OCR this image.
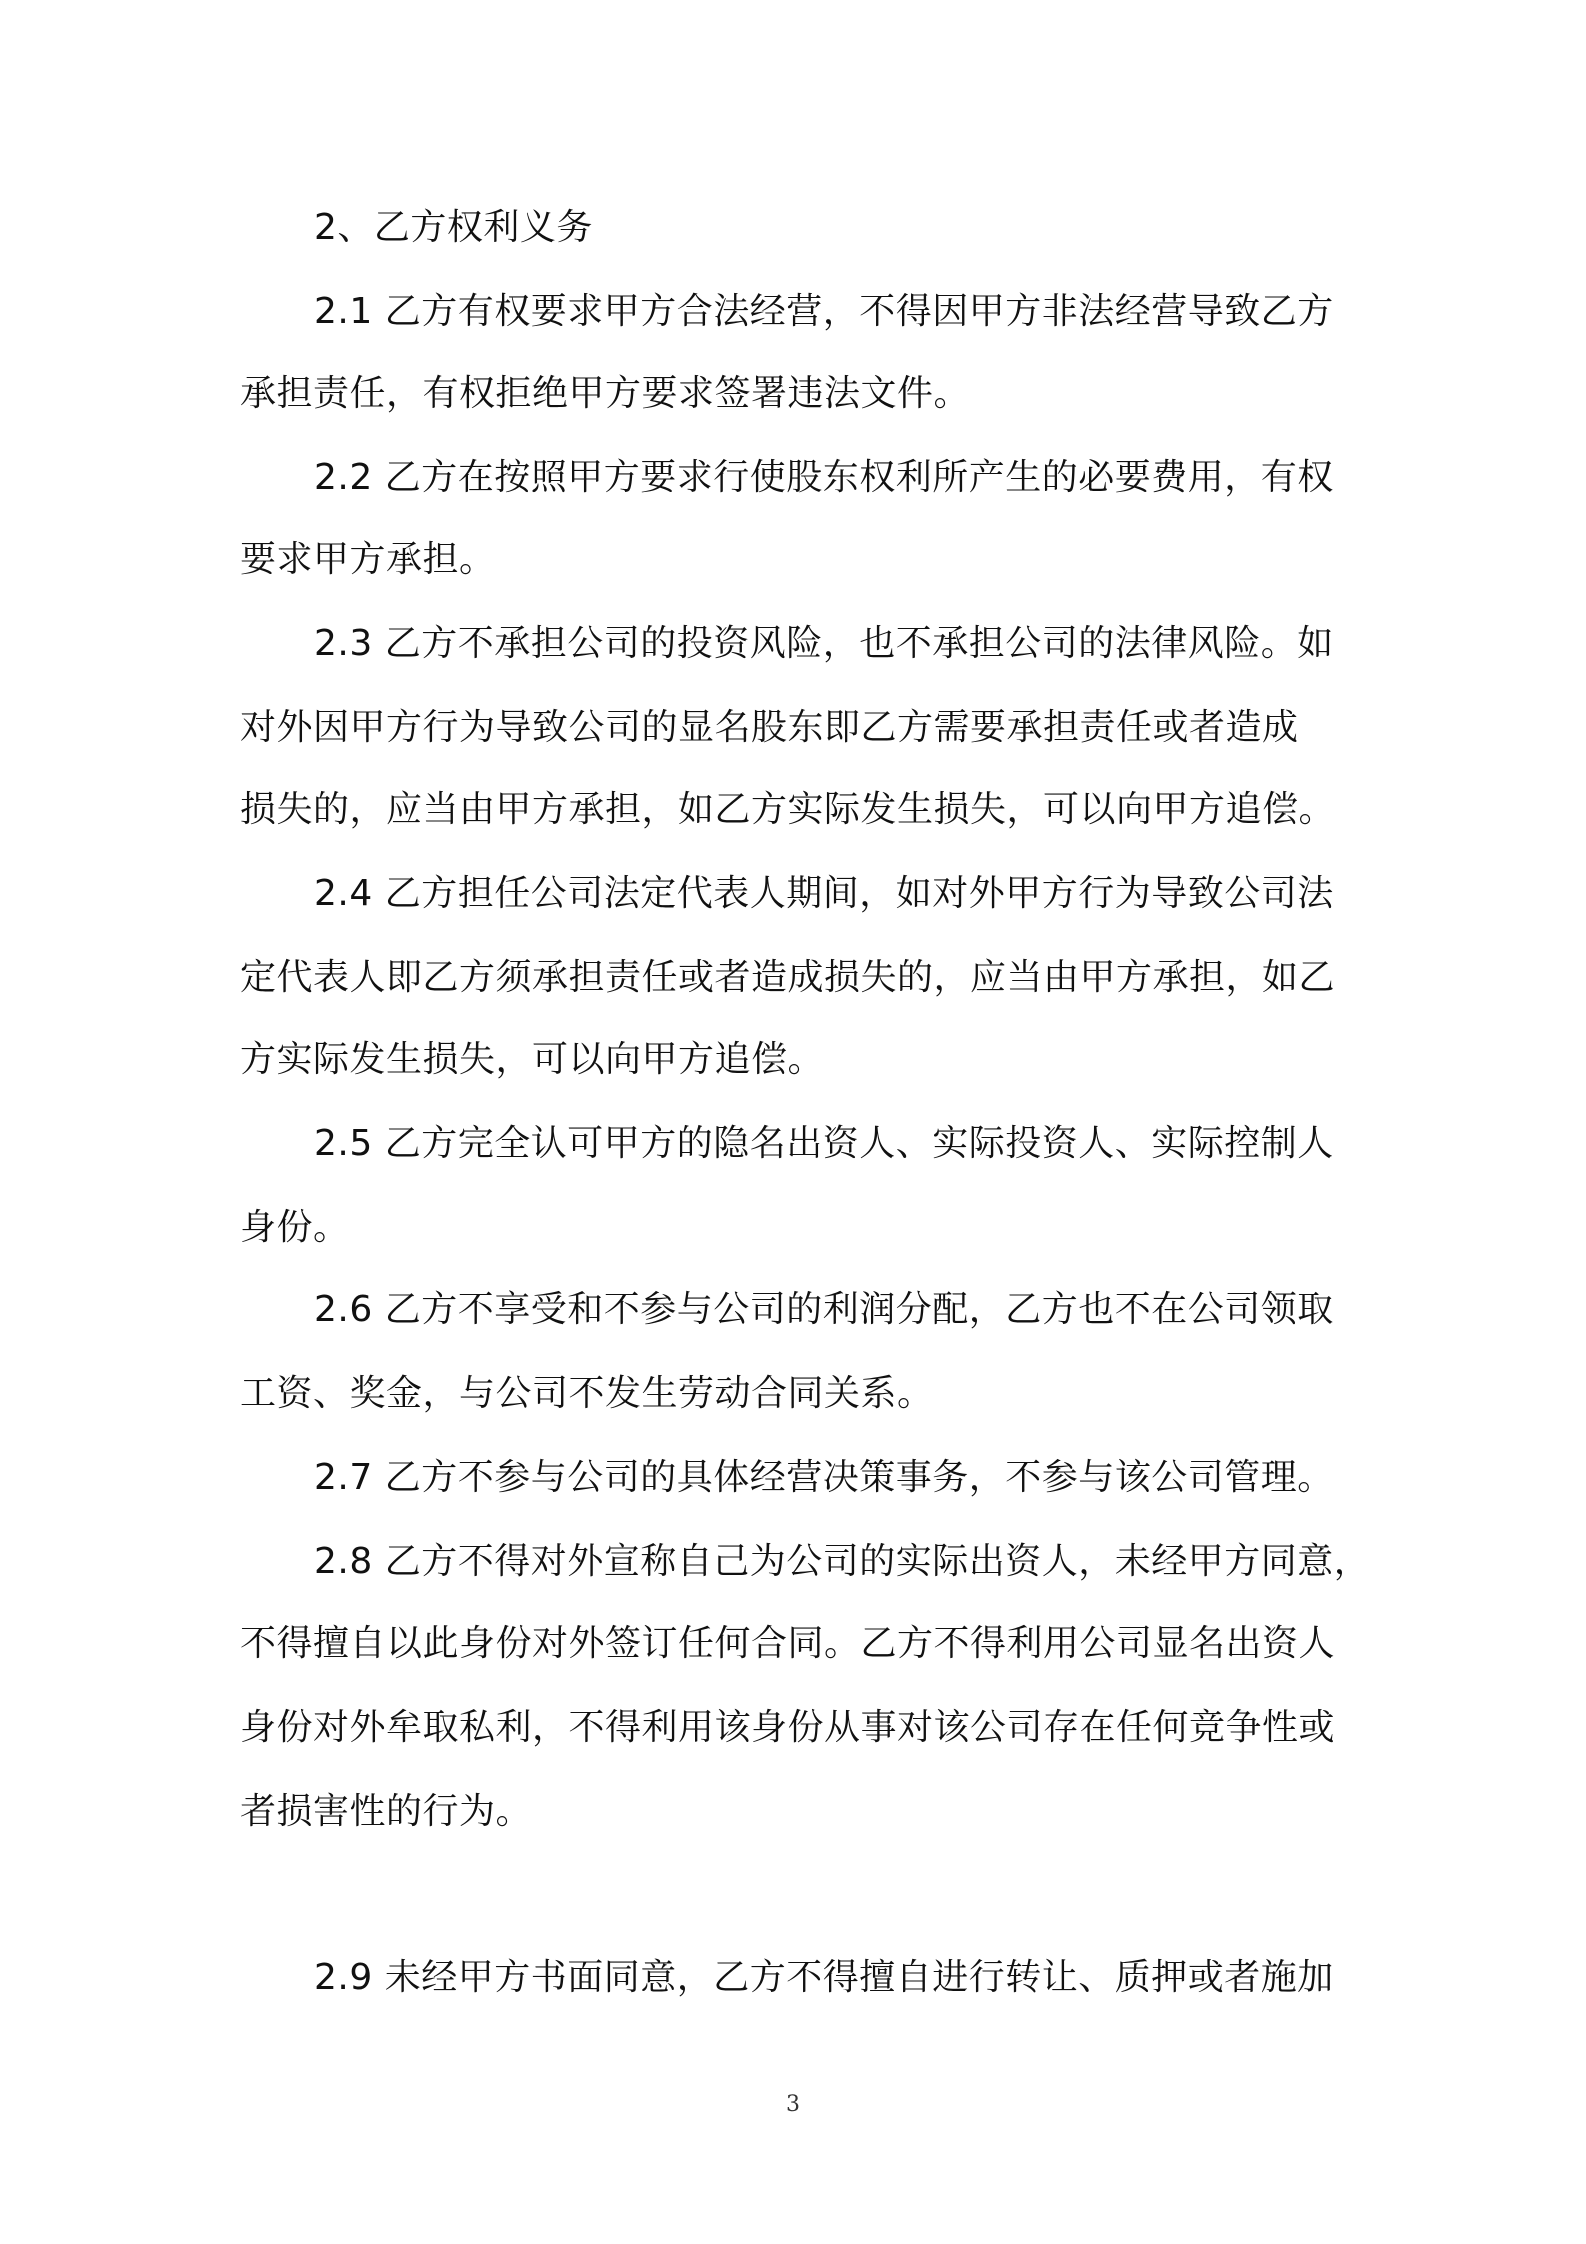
2、乙方权利义务
2.1 乙方有权要求甲方合法经营，不得因甲方非法经营导致乙方
承担责任，有权拒绝甲方要求签署违法文件。
2.2 乙方在按照甲方要求行使股东权利所产生的必要费用，有权
要求甲方承担。
2.3 乙方不承担公司的投资风险，也不承担公司的法律风险。如
对外因甲方行为导致公司的显名股东即乙方需要承担责任或者造成
损失的，应当由甲方承担，如乙方实际发生损失，可以向甲方追偿。
2.4 乙方担任公司法定代表人期间，如对外甲方行为导致公司法
定代表人即乙方须承担责任或者造成损失的，应当由甲方承担，如乙
方实际发生损失，可以向甲方追偿。
2.5 乙方完全认可甲方的隐名出资人、实际投资人、实际控制人
身份。
2.6 乙方不享受和不参与公司的利润分配，乙方也不在公司领取
工资、奖金，与公司不发生劳动合同关系。
2.7 乙方不参与公司的具体经营决策事务，不参与该公司管理。
2.8 乙方不得对外宣称自己为公司的实际出资人，未经甲方同意，
不得擅自以此身份对外签订任何合同。乙方不得利用公司显名出资人
身份对外牟取私利，不得利用该身份从事对该公司存在任何竞争性或
者损害性的行为。
2.9 未经甲方书面同意，乙方不得擅自进行转让、质押或者施加
3
